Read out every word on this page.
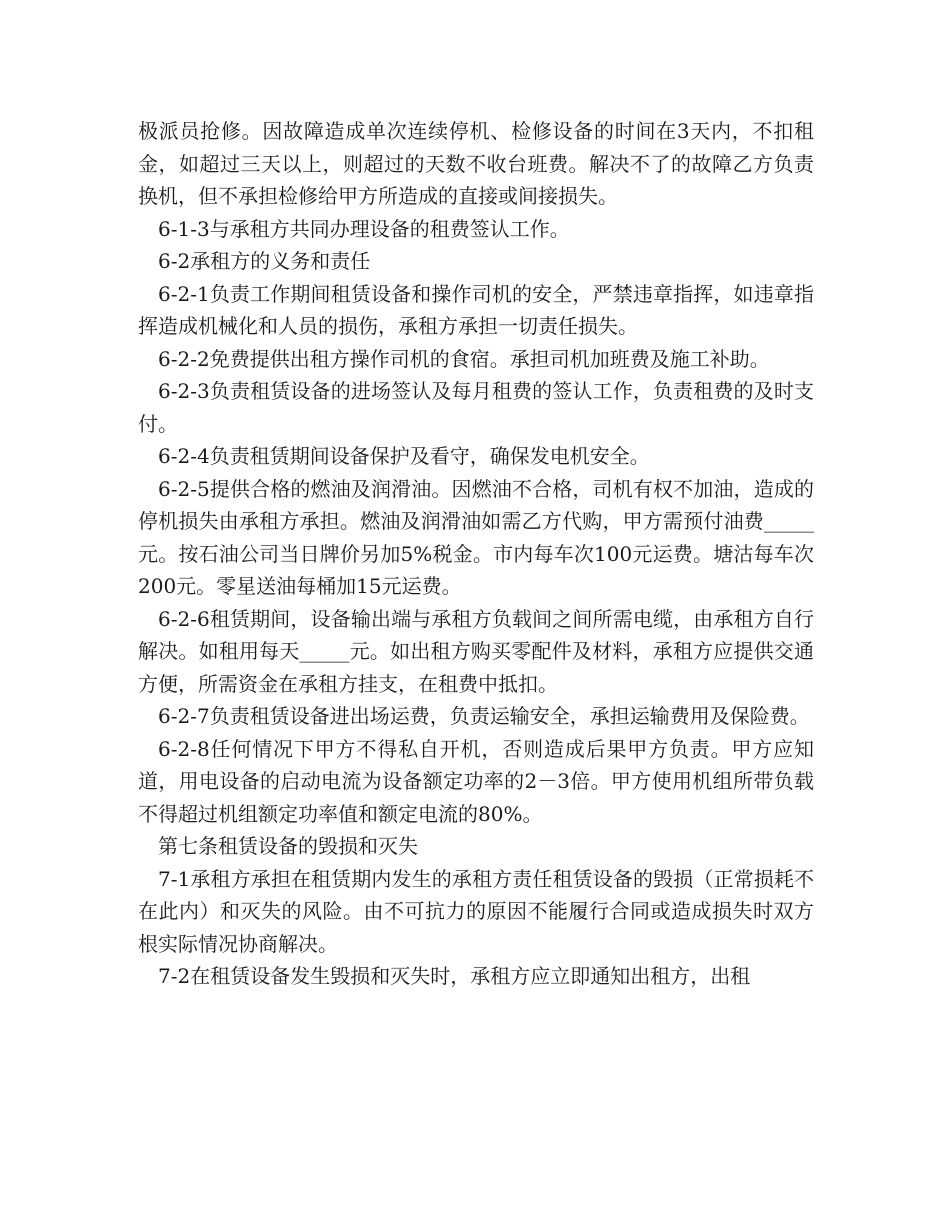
极派员抢修。因故障造成单次连续停机、检修设备的时间在3天内，不扣租金，如超过三天以上，则超过的天数不收台班费。解决不了的故障乙方负责换机，但不承担检修给甲方所造成的直接或间接损失。

6-1-3与承租方共同办理设备的租费签认工作。

6-2承租方的义务和责任

6-2-1负责工作期间租赁设备和操作司机的安全，严禁违章指挥，如违章指挥造成机械化和人员的损伤，承租方承担一切责任损失。

6-2-2免费提供出租方操作司机的食宿。承担司机加班费及施工补助。

6-2-3负责租赁设备的进场签认及每月租费的签认工作，负责租费的及时支付。

6-2-4负责租赁期间设备保护及看守，确保发电机安全。

6-2-5提供合格的燃油及润滑油。因燃油不合格，司机有权不加油，造成的停机损失由承租方承担。燃油及润滑油如需乙方代购，甲方需预付油费_____元。按石油公司当日牌价另加5%税金。市内每车次100元运费。塘沽每车次200元。零星送油每桶加15元运费。

6-2-6租赁期间，设备输出端与承租方负载间之间所需电缆，由承租方自行解决。如租用每天_____元。如出租方购买零配件及材料，承租方应提供交通方便，所需资金在承租方挂支，在租费中抵扣。

6-2-7负责租赁设备进出场运费，负责运输安全，承担运输费用及保险费。

6-2-8任何情况下甲方不得私自开机，否则造成后果甲方负责。甲方应知道，用电设备的启动电流为设备额定功率的2－3倍。甲方使用机组所带负载不得超过机组额定功率值和额定电流的80%。

第七条租赁设备的毁损和灭失

7-1承租方承担在租赁期内发生的承租方责任租赁设备的毁损（正常损耗不在此内）和灭失的风险。由不可抗力的原因不能履行合同或造成损失时双方根实际情况协商解决。

7-2在租赁设备发生毁损和灭失时，承租方应立即通知出租方，出租
